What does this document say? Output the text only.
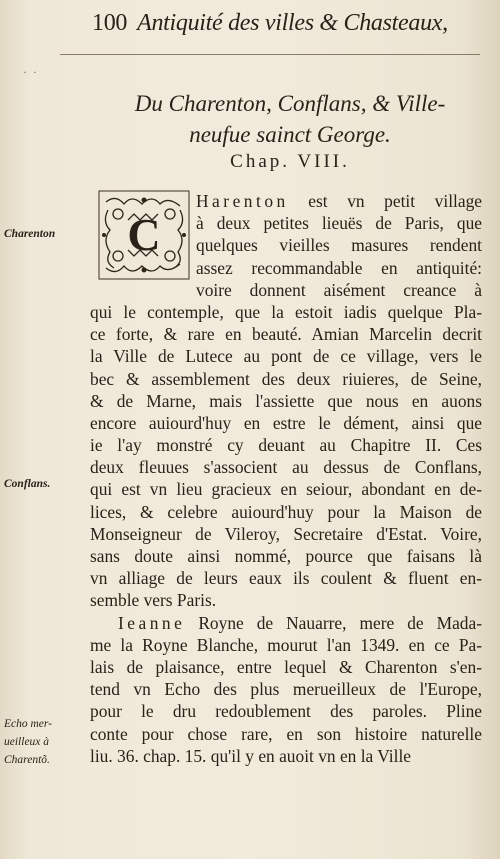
100 Antiquité des villes & Chasteaux,
˙ ˙
Du Charenton, Conflans, & Ville-
neufue sainct George.
Chap. VIII.
C
Harenton est vn petit village
à deux petites lieuës de Paris, que
quelques vieilles masures rendent
assez recommandable en antiquité:
voire donnent aisément creance à
qui le contemple, que la estoit iadis quelque Pla-
ce forte, & rare en beauté. Amian Marcelin decrit
la Ville de Lutece au pont de ce village, vers le
bec & assemblement des deux riuieres, de Seine,
& de Marne, mais l'assiette que nous en auons
encore auiourd'huy en estre le dément, ainsi que
ie l'ay monstré cy deuant au Chapitre II. Ces
deux fleuues s'associent au dessus de Conflans,
qui est vn lieu gracieux en seiour, abondant en de-
lices, & celebre auiourd'huy pour la Maison de
Monseigneur de Vileroy, Secretaire d'Estat. Voire,
sans doute ainsi nommé, pource que faisans là
vn alliage de leurs eaux ils coulent & fluent en-
semble vers Paris.
Ieanne Royne de Nauarre, mere de Mada-
me la Royne Blanche, mourut l'an 1349. en ce Pa-
lais de plaisance, entre lequel & Charenton s'en-
tend vn Echo des plus merueilleux de l'Europe,
pour le dru redoublement des paroles. Pline
conte pour chose rare, en son histoire naturelle
liu. 36. chap. 15. qu'il y en auoit vn en la Ville
Charenton
Conflans.
Echo mer-
ueilleux à
Charentõ.
